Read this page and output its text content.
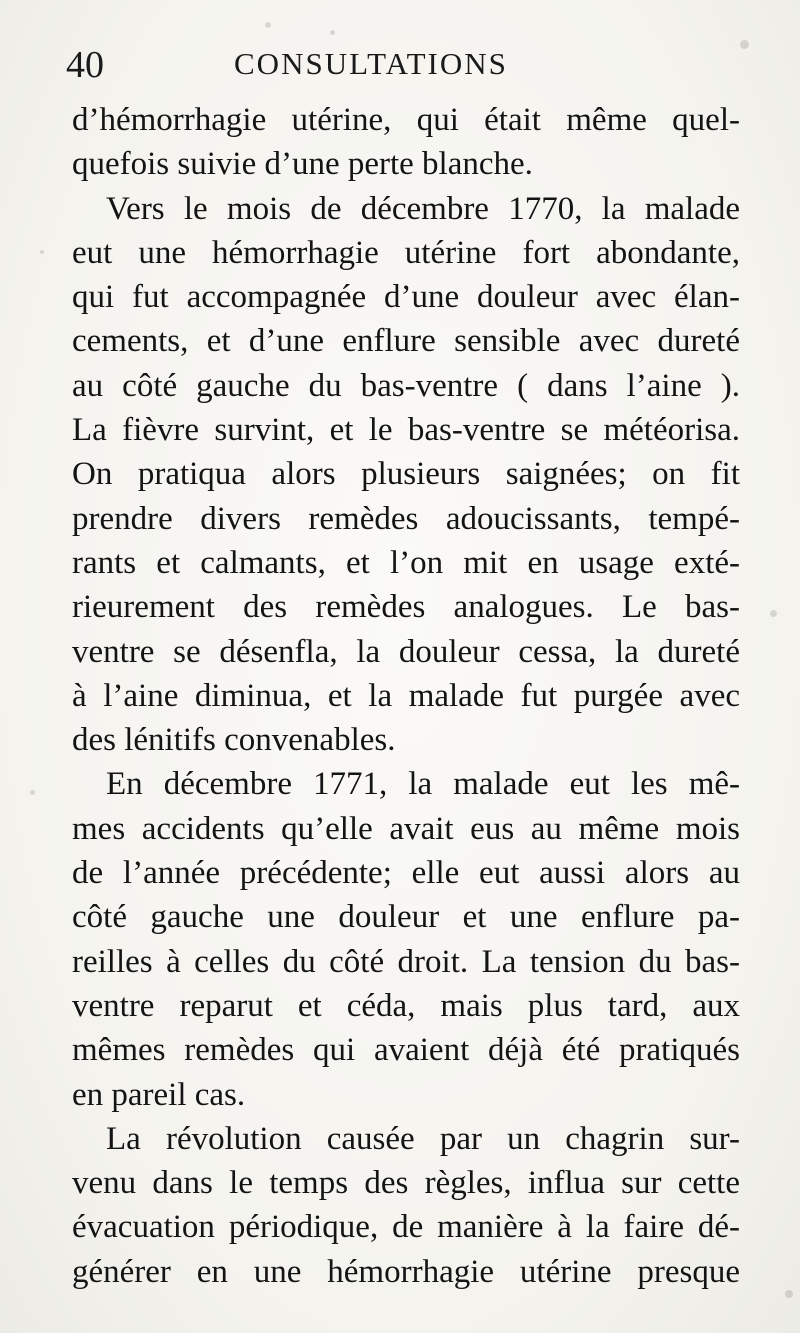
40	CONSULTATIONS
d’hémorrhagie utérine, qui était même quel-
quefois suivie d’une perte blanche.
Vers le mois de décembre 1770, la malade
eut une hémorrhagie utérine fort abondante,
qui fut accompagnée d’une douleur avec élan-
cements, et d’une enflure sensible avec dureté
au côté gauche du bas-ventre ( dans l’aine ).
La fièvre survint, et le bas-ventre se météorisa.
On pratiqua alors plusieurs saignées; on fit
prendre divers remèdes adoucissants, tempé-
rants et calmants, et l’on mit en usage exté-
rieurement des remèdes analogues. Le bas-
ventre se désenfla, la douleur cessa, la dureté
à l’aine diminua, et la malade fut purgée avec
des lénitifs convenables.
En décembre 1771, la malade eut les mê-
mes accidents qu’elle avait eus au même mois
de l’année précédente; elle eut aussi alors au
côté gauche une douleur et une enflure pa-
reilles à celles du côté droit. La tension du bas-
ventre reparut et céda, mais plus tard, aux
mêmes remèdes qui avaient déjà été pratiqués
en pareil cas.
La révolution causée par un chagrin sur-
venu dans le temps des règles, influa sur cette
évacuation périodique, de manière à la faire dé-
générer en une hémorrhagie utérine presque
